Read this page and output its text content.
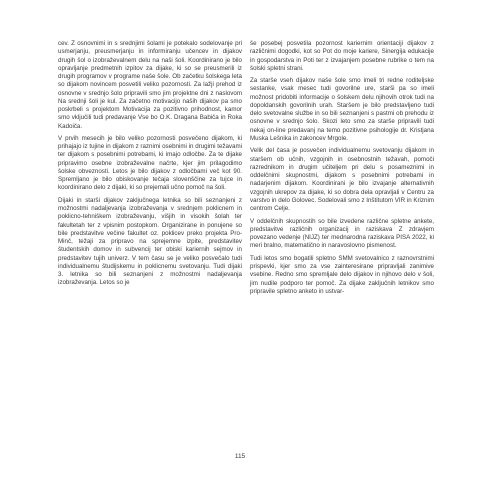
cev. Z osnovnimi in s srednjimi šolami je potekalo sodelovanje pri usmerjanju, preusmerjanju in informiranju učencev in dijakov drugih šol o izobraževalnem delu na naši šoli. Koordinirano je bilo opravljanje predmetnih izpitov za dijake, ki so se preusmerili iz drugih programov v programe naše šole. Ob začetku šolskega leta so dijakom novincem posvetili veliko pozornosti. Za lažji prehod iz osnovne v srednjo šolo pripravili smo jim projektne dni z naslovom Na srednji šoli je kul. Za začetno motivacijo naših dijakov pa smo poskrbeli s projektom Motivacija za pozitivno prihodnost, kamor smo vključili tudi predavanje Vse bo O.K. Dragana Babiča in Roka Kadoiča.

V prvih mesecih je bilo veliko pozornosti posvečeno dijakom, ki prihajajo iz tujine in dijakom z raznimi osebnimi in drugimi težavami ter dijakom s posebnimi potrebami, ki imajo odločbe. Za te dijake pripravimo osebne izobraževalne načrte, kjer jim prilagodimo šolske obveznosti. Letos je bilo dijakov z odločbami več kot 90. Spremljano je bilo obiskovanje tečaja slovenščine za tujce in koordinirano delo z dijaki, ki so prejemali učno pomoč na šoli.

Dijaki in starši dijakov zaključnega letnika so bili seznanjeni z možnostmi nadaljevanja izobraževanja v srednjem poklicnem in poklicno-tehniškem izobraževanju, višjih in visokih šolah ter fakultetah ter z vpisnim postopkom. Organizirane in ponujene so bile predstavitve večine fakultet oz. poklicev preko projekta Pro-Minč, težaji za pripravo na sprejemne izpite, predstavitev študentskih domov in subvencij ter obiski kariernih sejmov in predstavitev tujih univerz. V tem času se je veliko posvečalo tudi individualnemu študijskemu in poklicnemu svetovanju. Tudi dijaki 3. letnika so bili seznanjeni z možnostmi nadaljevanja izobraževanja. Letos so je

še posebej posvetila pozornost kariernim orientaciji dijakov z različnimi dogodki, kot so Pot do moje kariere, Sinergija edukacije in gospodarstva in Poti ter z izvajanjem posebne rubrike o tem na šolski spletni strani.

Za starše vseh dijakov naše šole smo imeli tri redne roditeljske sestanke, vsak mesec tudi govorilne ure, starši pa so imeli možnost pridobiti informacije o šolskem delu njihovih otrok tudi na dopoldanskih govorilnih urah. Staršem je bilo predstavljeno tudi delo svetovalne službe in so bili seznanjeni s pastmi ob prehodu iz osnovne v srednjo šolo. Skozi leto smo za starše pripravili tudi nekaj on-line predavanj na temo pozitivne psihologije dr. Kristjana Muska Lešnika in zakoncev Mrgole.

Velik del časa je posvečen individualnemu svetovanju dijakom in staršem ob učnih, vzgojnih in osebnostnih težavah, pomoči razrednikom in drugim učiteljem pri delu s posameznimi in oddelčnimi skupnostmi, dijakom s posebnimi potrebami in nadarjenim dijakom. Koordinirani je bilo izvajanje alternativnih vzgojnih ukrepov za dijake, ki so dobra dela opravljali v Centru za varstvo in delo Golovec. Sodelovali smo z Inštitutom VIR in Kriznim centrom Celje.

V oddelčnih skupnostih so bile izvedene različne spletne ankete, predstavitve različnih organizacij in raziskava Z zdravjem povezano vedenje (NIJZ) ter mednarodna raziskava PISA 2022, ki meri bralno, matematično in naravoslovno pismenost.

Tudi letos smo bogatili spletno SMM svetovalnico z raznovrstnimi prispevki, kjer smo za vse zainteresirane pripravljali zanimive vsebine. Redno smo spremljale delo dijakov in njihovo delo v šoli, jim nudile podporo ter pomoč. Za dijake zaključnih letnikov smo pripravile spletno anketo in ustvar-

115
